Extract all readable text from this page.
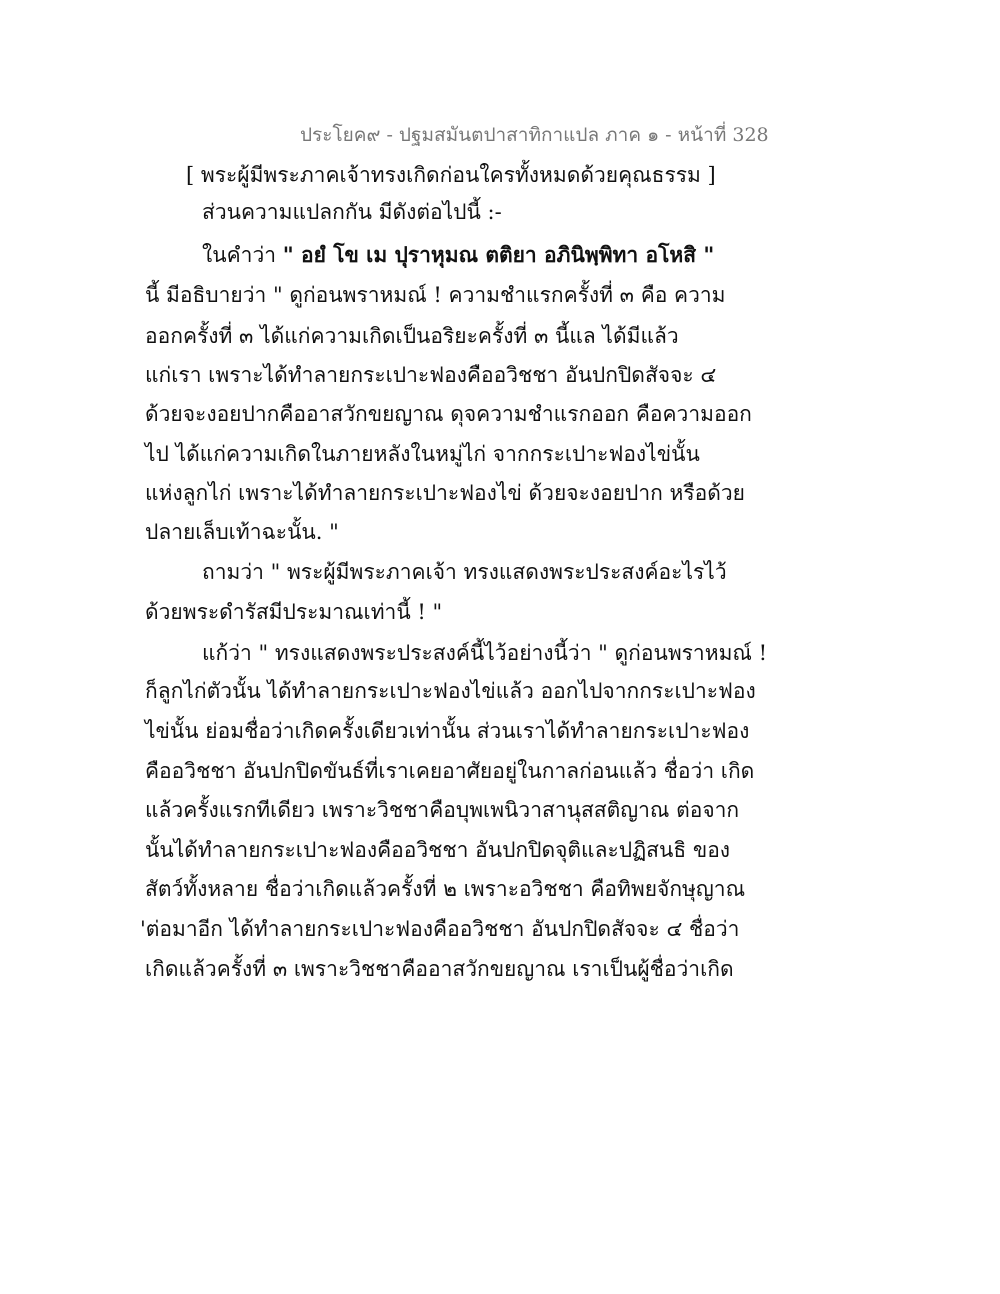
ประโยค๙ - ปฐมสมันตปาสาทิกาแปล ภาค ๑ - หน้าที่ 328
[ พระผู้มีพระภาคเจ้าทรงเกิดก่อนใครทั้งหมดด้วยคุณธรรม ]
ส่วนความแปลกกัน มีดังต่อไปนี้ :-
ในคำว่า " อยํ โข เม ปุราหุมณ ตติยา อภินิพฺพิทา อโหสิ "
นี้ มีอธิบายว่า " ดูก่อนพราหมณ์ ! ความชำแรกครั้งที่ ๓ คือ ความ
ออกครั้งที่ ๓ ได้แก่ความเกิดเป็นอริยะครั้งที่ ๓ นี้แล ได้มีแล้ว
แก่เรา เพราะได้ทำลายกระเปาะฟองคืออวิชชา อันปกปิดสัจจะ ๔
ด้วยจะงอยปากคืออาสวักขยญาณ ดุจความชำแรกออก คือความออก
ไป ได้แก่ความเกิดในภายหลังในหมู่ไก่ จากกระเปาะฟองไข่นั้น
แห่งลูกไก่ เพราะได้ทำลายกระเปาะฟองไข่ ด้วยจะงอยปาก หรือด้วย
ปลายเล็บเท้าฉะนั้น. "
ถามว่า " พระผู้มีพระภาคเจ้า ทรงแสดงพระประสงค์อะไรไว้
ด้วยพระดำรัสมีประมาณเท่านี้ ! "
แก้ว่า " ทรงแสดงพระประสงค์นี้ไว้อย่างนี้ว่า " ดูก่อนพราหมณ์ !
ก็ลูกไก่ตัวนั้น ได้ทำลายกระเปาะฟองไข่แล้ว ออกไปจากกระเปาะฟอง
ไข่นั้น ย่อมชื่อว่าเกิดครั้งเดียวเท่านั้น ส่วนเราได้ทำลายกระเปาะฟอง
คืออวิชชา อันปกปิดขันธ์ที่เราเคยอาศัยอยู่ในกาลก่อนแล้ว ชื่อว่า เกิด
แล้วครั้งแรกทีเดียว เพราะวิชชาคือบุพเพนิวาสานุสสติญาณ ต่อจาก
นั้นได้ทำลายกระเปาะฟองคืออวิชชา อันปกปิดจุติและปฏิสนธิ ของ
สัตว์ทั้งหลาย ชื่อว่าเกิดแล้วครั้งที่ ๒ เพราะอวิชชา คือทิพยจักษุญาณ
'ต่อมาอีก ได้ทำลายกระเปาะฟองคืออวิชชา อันปกปิดสัจจะ ๔ ชื่อว่า
เกิดแล้วครั้งที่ ๓ เพราะวิชชาคืออาสวักขยญาณ เราเป็นผู้ชื่อว่าเกิด
